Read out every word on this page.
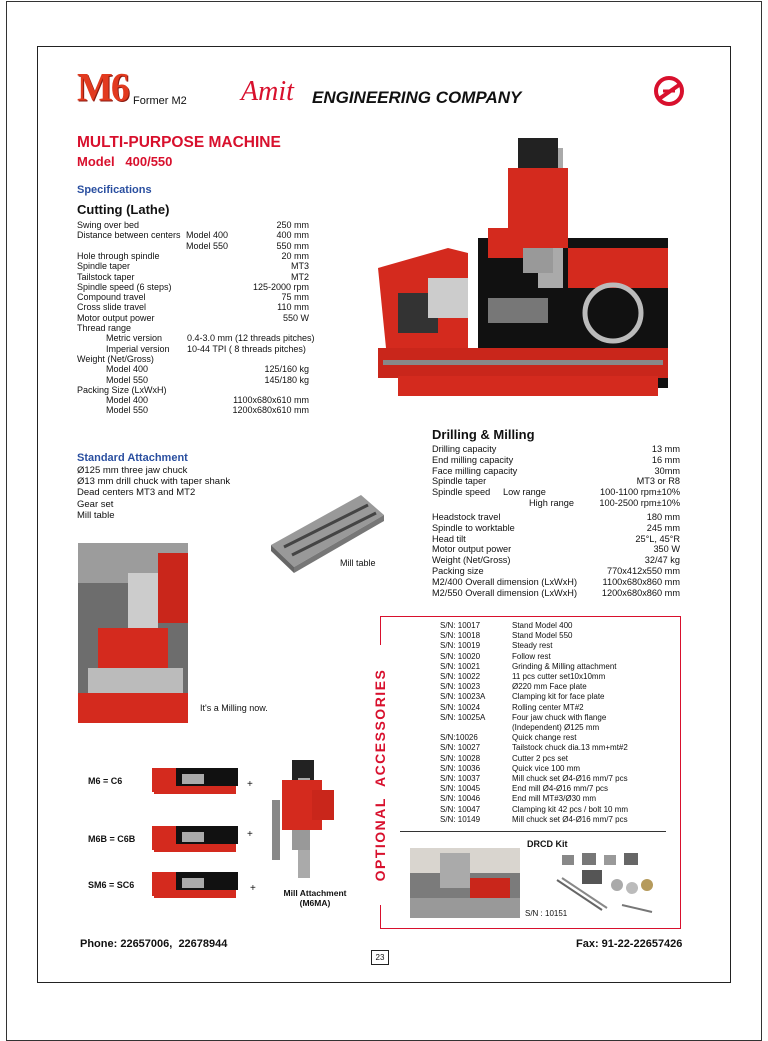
M6 Former M2 Amit ENGINEERING COMPANY
MULTI-PURPOSE MACHINE
Model   400/550
Specifications
Cutting (Lathe)
Swing over bed	250 mm
Distance between centers Model 400	400 mm
Model 550	550 mm
Hole through spindle	20 mm
Spindle taper	MT3
Tailstock taper	MT2
Spindle speed (6 steps)	125-2000 rpm
Compound travel	75 mm
Cross slide travel	110 mm
Motor output power	550 W
Thread range
Metric version	0.4-3.0 mm (12 threads pitches)
Imperial version 10-44 TPI ( 8 threads pitches)
Weight (Net/Gross)
Model 400	125/160 kg
Model 550	145/180 kg
Packing Size (LxWxH)
Model 400	1100x680x610 mm
Model 550	1200x680x610 mm
Standard Attachment
Ø125 mm three jaw chuck
Ø13 mm drill chuck with taper shank
Dead centers MT3 and MT2
Gear set
Mill table
Mill table
It's a Milling now.
Drilling & Milling
Drilling capacity	13 mm
End milling capacity	16 mm
Face milling capacity	30mm
Spindle taper	MT3 or R8
Spindle speed Low range	100-1100 rpm±10%
High range	100-2500 rpm±10%
Headstock travel	180 mm
Spindle to worktable	245 mm
Head tilt	25°L, 45°R
Motor output power	350 W
Weight (Net/Gross)	32/47 kg
Packing size	770x412x550 mm
M2/400 Overall dimension (LxWxH)	1100x680x860 mm
M2/550 Overall dimension (LxWxH)	1200x680x860 mm
OPTIONAL  ACCESSORIES
S/N: 10017	Stand Model 400
S/N: 10018	Stand Model 550
S/N: 10019	Steady rest
S/N: 10020	Follow rest
S/N: 10021	Grinding & Milling attachment
S/N: 10022	11 pcs cutter set10x10mm
S/N: 10023	Ø220 mm Face plate
S/N: 10023A	Clamping kit for face plate
S/N: 10024	Rolling center MT#2
S/N: 10025A	Four jaw chuck with flange
(Independent) Ø125 mm
S/N:10026	Quick change rest
S/N: 10027	Tailstock chuck dia.13 mm+mt#2
S/N: 10028	Cutter 2 pcs set
S/N: 10036	Quick vice 100 mm
S/N: 10037	Mill chuck set Ø4-Ø16 mm/7 pcs
S/N: 10045	End mill Ø4-Ø16 mm/7 pcs
S/N: 10046	End mill MT#3/Ø30 mm
S/N: 10047	Clamping kit 42 pcs / bolt 10 mm
S/N: 10149	Mill chuck set Ø4-Ø16 mm/7 pcs
DRCD Kit
S/N : 10151
M6 = C6	+
M6B = C6B	+
SM6 = SC6	+	Mill Attachment
(M6MA)
Phone: 22657006,  22678944	Fax: 91-22-22657426
23
